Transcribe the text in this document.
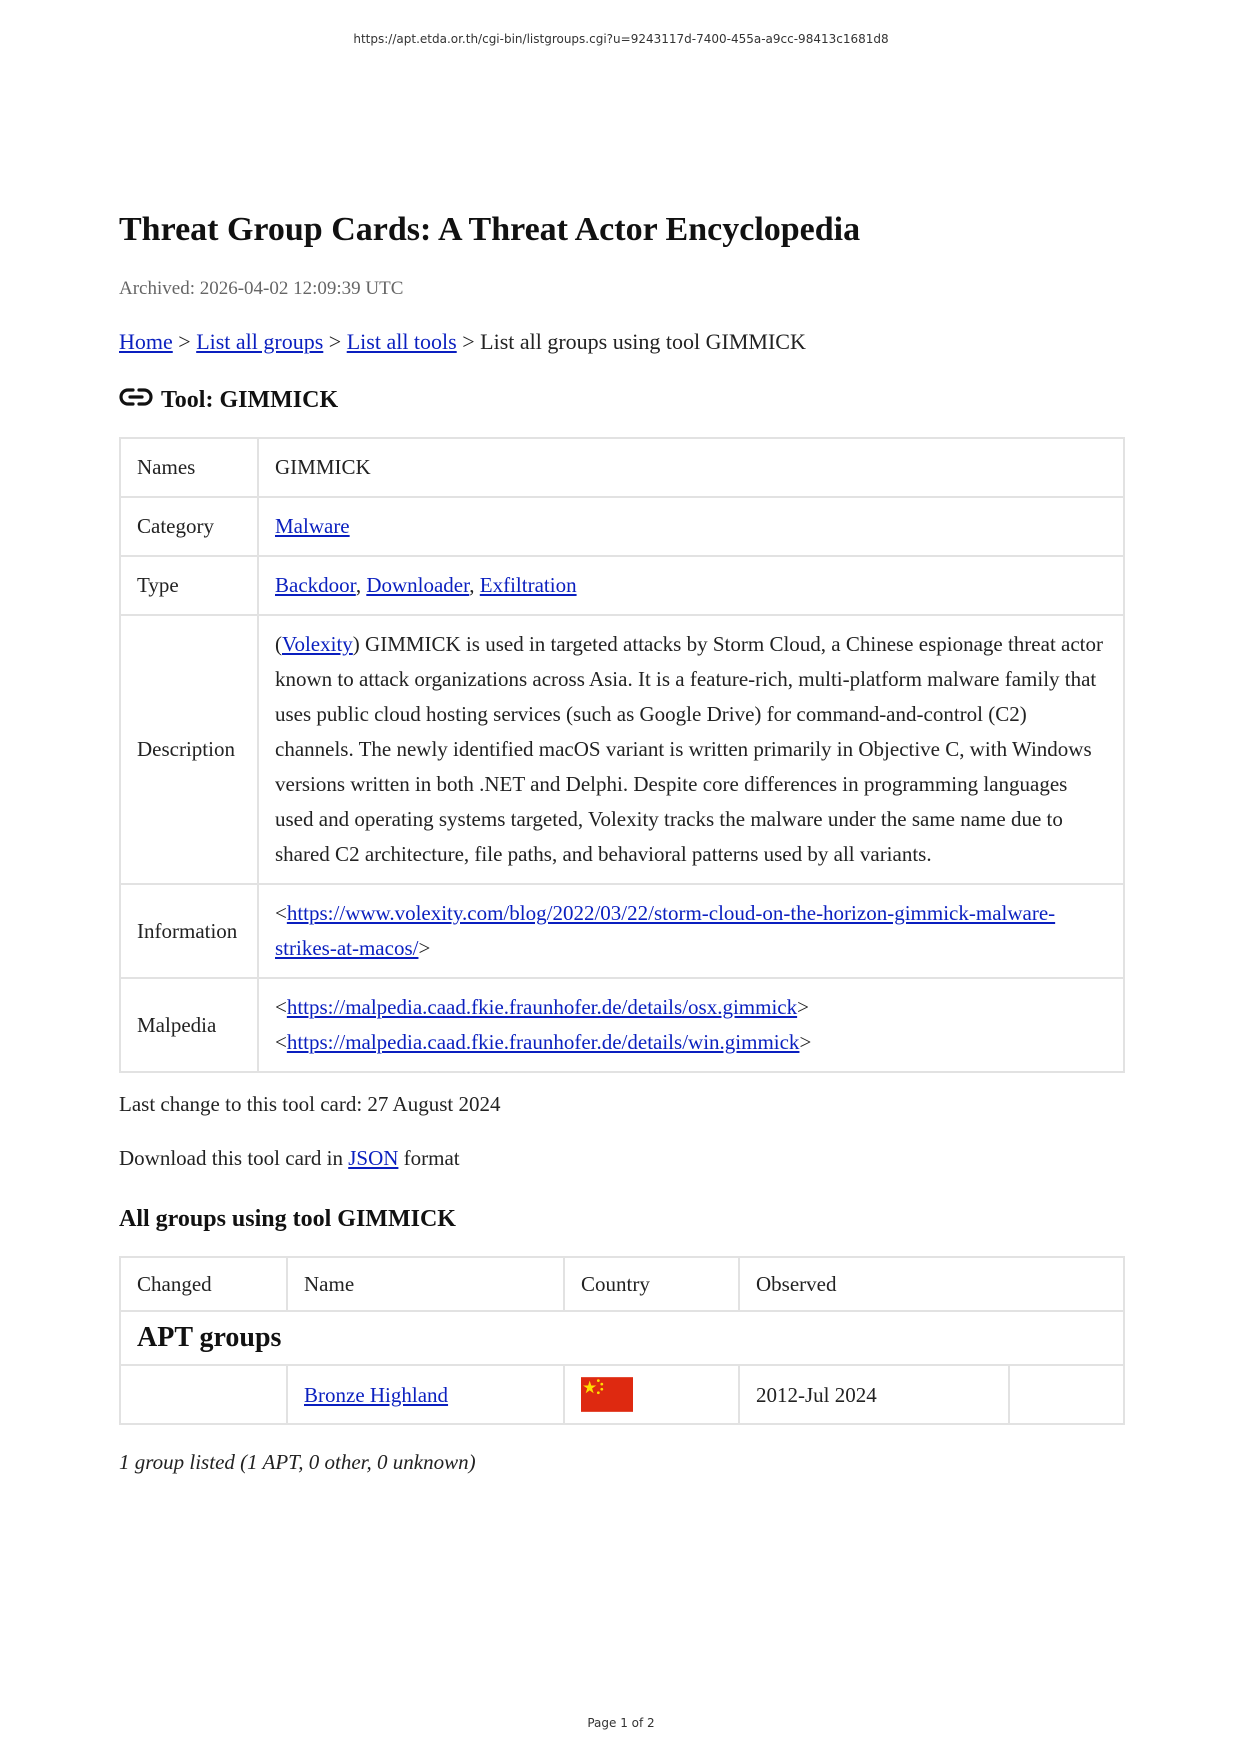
https://apt.etda.or.th/cgi-bin/listgroups.cgi?u=9243117d-7400-455a-a9cc-98413c1681d8
Threat Group Cards: A Threat Actor Encyclopedia
Archived: 2026-04-02 12:09:39 UTC
Home > List all groups > List all tools > List all groups using tool GIMMICK
Tool: GIMMICK
Names	GIMMICK
Category	Malware
Type	Backdoor, Downloader, Exfiltration
Description	(Volexity) GIMMICK is used in targeted attacks by Storm Cloud, a Chinese espionage threat actor known to attack organizations across Asia. It is a feature-rich, multi-platform malware family that uses public cloud hosting services (such as Google Drive) for command-and-control (C2) channels. The newly identified macOS variant is written primarily in Objective C, with Windows versions written in both .NET and Delphi. Despite core differences in programming languages used and operating systems targeted, Volexity tracks the malware under the same name due to shared C2 architecture, file paths, and behavioral patterns used by all variants.
Information	<https://www.volexity.com/blog/2022/03/22/storm-cloud-on-the-horizon-gimmick-malware-strikes-at-macos/>
Malpedia	<https://malpedia.caad.fkie.fraunhofer.de/details/osx.gimmick>
<https://malpedia.caad.fkie.fraunhofer.de/details/win.gimmick>
Last change to this tool card: 27 August 2024
Download this tool card in JSON format
All groups using tool GIMMICK
Changed	Name	Country	Observed	
APT groups				
	Bronze Highland		2012-Jul 2024	
1 group listed (1 APT, 0 other, 0 unknown)
Page 1 of 2
